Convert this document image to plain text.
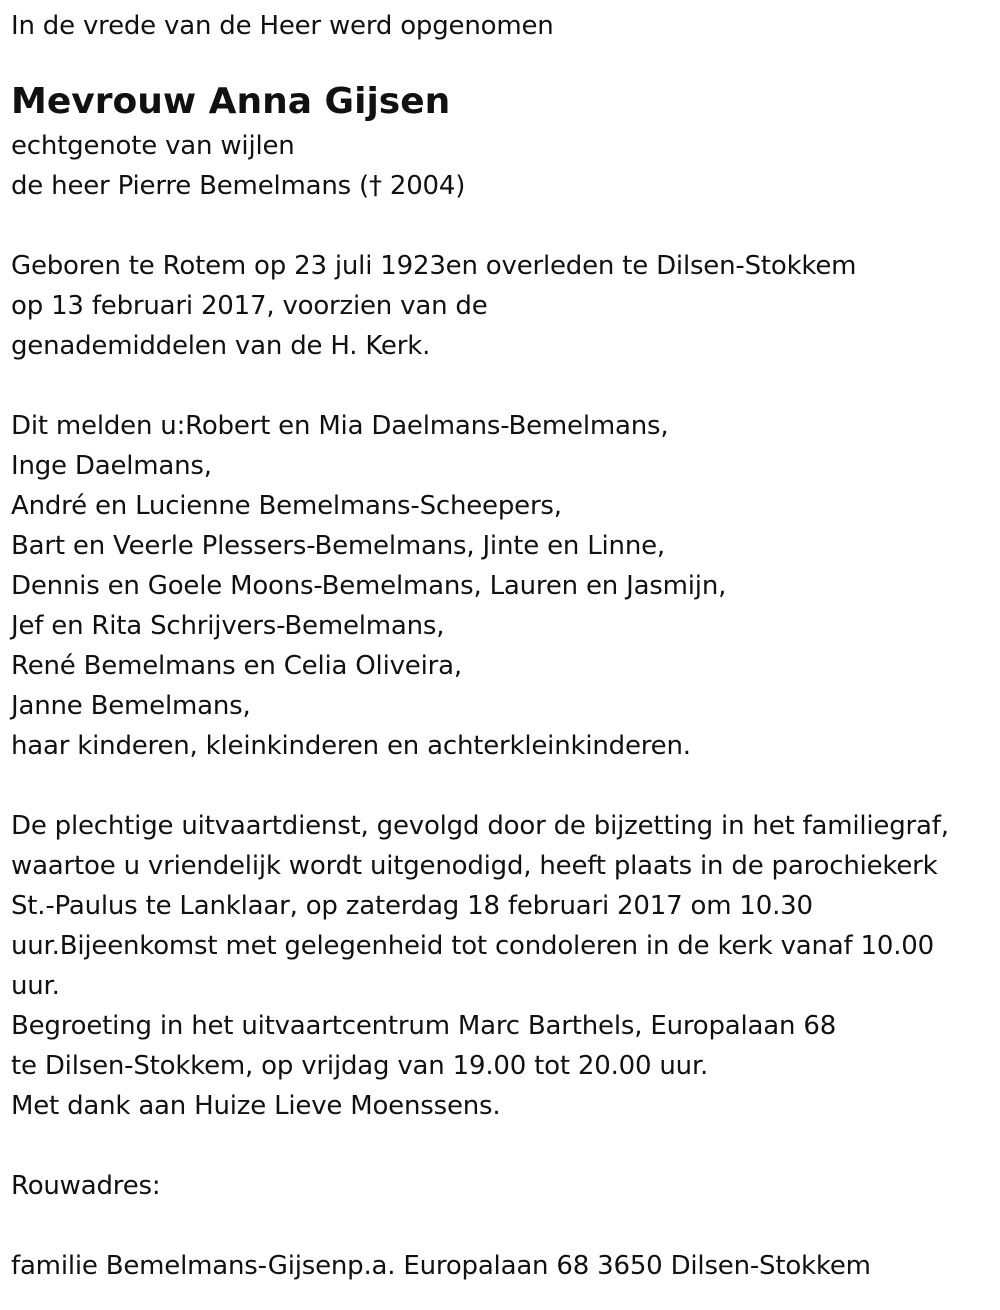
In de vrede van de Heer werd opgenomen
Mevrouw Anna Gijsen
echtgenote van wijlen
de heer Pierre Bemelmans († 2004)
Geboren te Rotem op 23 juli 1923en overleden te Dilsen-Stokkem
op 13 februari 2017, voorzien van de
genademiddelen van de H. Kerk.
Dit melden u:Robert en Mia Daelmans-Bemelmans,
Inge Daelmans,
André en Lucienne Bemelmans-Scheepers,
Bart en Veerle Plessers-Bemelmans, Jinte en Linne,
Dennis en Goele Moons-Bemelmans, Lauren en Jasmijn,
Jef en Rita Schrijvers-Bemelmans,
René Bemelmans en Celia Oliveira,
Janne Bemelmans,
haar kinderen, kleinkinderen en achterkleinkinderen.
De plechtige uitvaartdienst, gevolgd door de bijzetting in het familiegraf,
waartoe u vriendelijk wordt uitgenodigd, heeft plaats in de parochiekerk
St.-Paulus te Lanklaar, op zaterdag 18 februari 2017 om 10.30
uur.Bijeenkomst met gelegenheid tot condoleren in de kerk vanaf 10.00
uur.
Begroeting in het uitvaartcentrum Marc Barthels, Europalaan 68
te Dilsen-Stokkem, op vrijdag van 19.00 tot 20.00 uur.
Met dank aan Huize Lieve Moenssens.
Rouwadres:
familie Bemelmans-Gijsenp.a. Europalaan 68 3650 Dilsen-Stokkem
